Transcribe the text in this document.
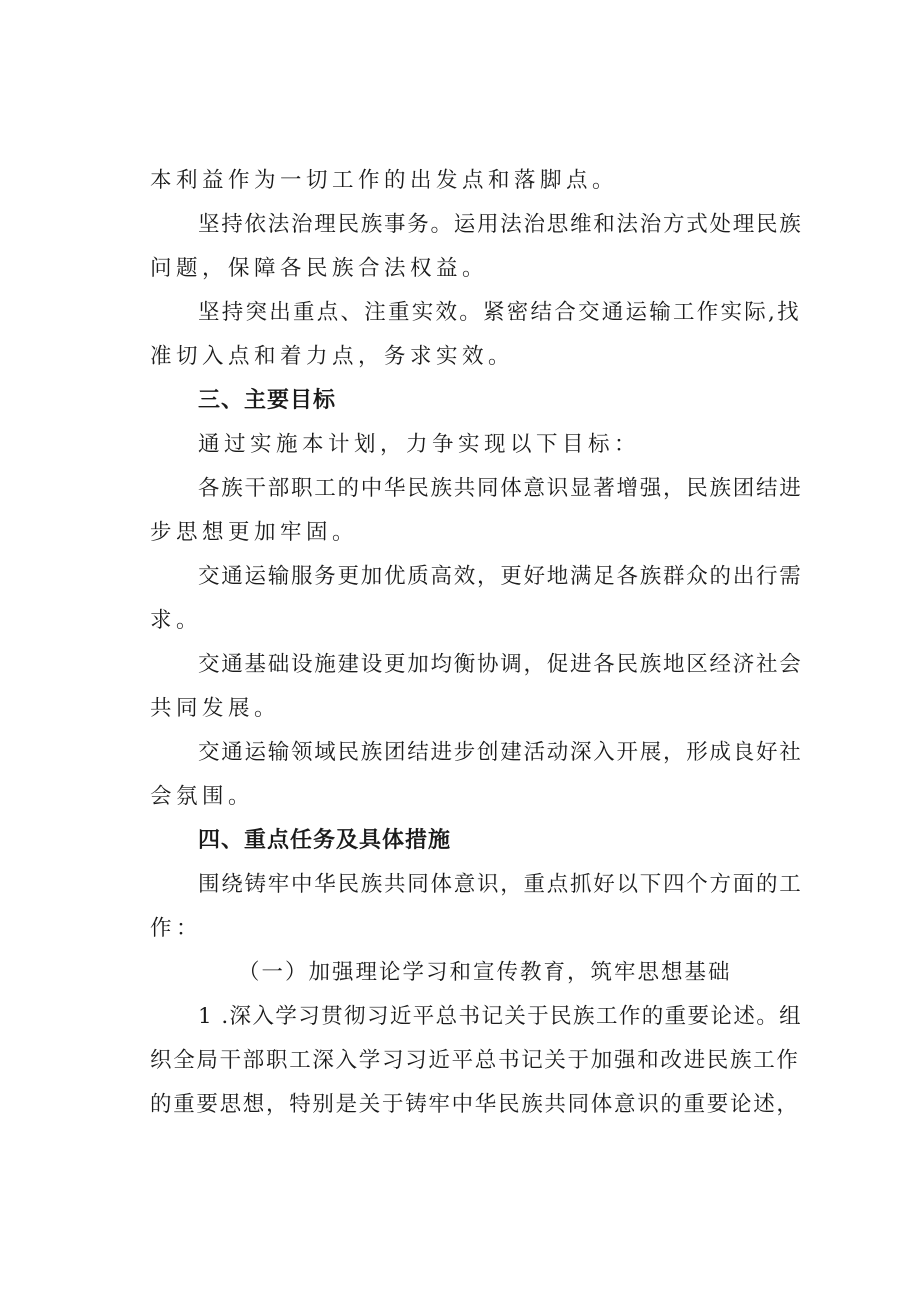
本利益作为一切工作的出发点和落脚点。
坚持依法治理民族事务。运用法治思维和法治方式处理民族
问题，保障各民族合法权益。
坚持突出重点、注重实效。紧密结合交通运输工作实际,找
准切入点和着力点，务求实效。
三、主要目标
通过实施本计划，力争实现以下目标：
各族干部职工的中华民族共同体意识显著增强，民族团结进
步思想更加牢固。
交通运输服务更加优质高效，更好地满足各族群众的出行需
求。
交通基础设施建设更加均衡协调，促进各民族地区经济社会
共同发展。
交通运输领域民族团结进步创建活动深入开展，形成良好社
会氛围。
四、重点任务及具体措施
围绕铸牢中华民族共同体意识，重点抓好以下四个方面的工
作：
（一）加强理论学习和宣传教育，筑牢思想基础
1 .深入学习贯彻习近平总书记关于民族工作的重要论述。组
织全局干部职工深入学习习近平总书记关于加强和改进民族工作
的重要思想，特别是关于铸牢中华民族共同体意识的重要论述，
